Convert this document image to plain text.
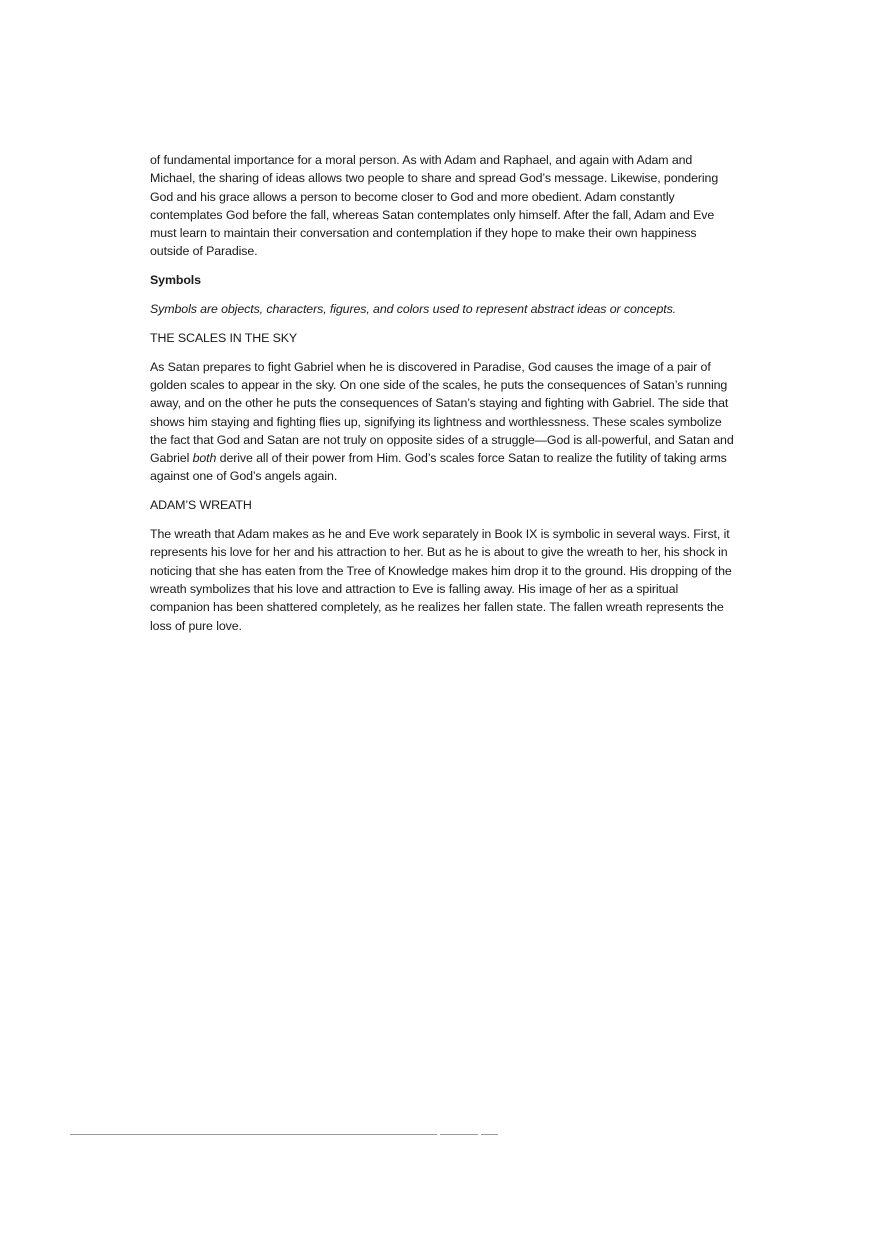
of fundamental importance for a moral person. As with Adam and Raphael, and again with Adam and Michael, the sharing of ideas allows two people to share and spread God’s message. Likewise, pondering God and his grace allows a person to become closer to God and more obedient. Adam constantly contemplates God before the fall, whereas Satan contemplates only himself. After the fall, Adam and Eve must learn to maintain their conversation and contemplation if they hope to make their own happiness outside of Paradise.

Symbols

Symbols are objects, characters, figures, and colors used to represent abstract ideas or concepts.

THE SCALES IN THE SKY

As Satan prepares to fight Gabriel when he is discovered in Paradise, God causes the image of a pair of golden scales to appear in the sky. On one side of the scales, he puts the consequences of Satan’s running away, and on the other he puts the consequences of Satan’s staying and fighting with Gabriel. The side that shows him staying and fighting flies up, signifying its lightness and worthlessness. These scales symbolize the fact that God and Satan are not truly on opposite sides of a struggle—God is all-powerful, and Satan and Gabriel both derive all of their power from Him. God’s scales force Satan to realize the futility of taking arms against one of God’s angels again.

ADAM’S WREATH

The wreath that Adam makes as he and Eve work separately in Book IX is symbolic in several ways. First, it represents his love for her and his attraction to her. But as he is about to give the wreath to her, his shock in noticing that she has eaten from the Tree of Knowledge makes him drop it to the ground. His dropping of the wreath symbolizes that his love and attraction to Eve is falling away. His image of her as a spiritual companion has been shattered completely, as he realizes her fallen state. The fallen wreath represents the loss of pure love.
